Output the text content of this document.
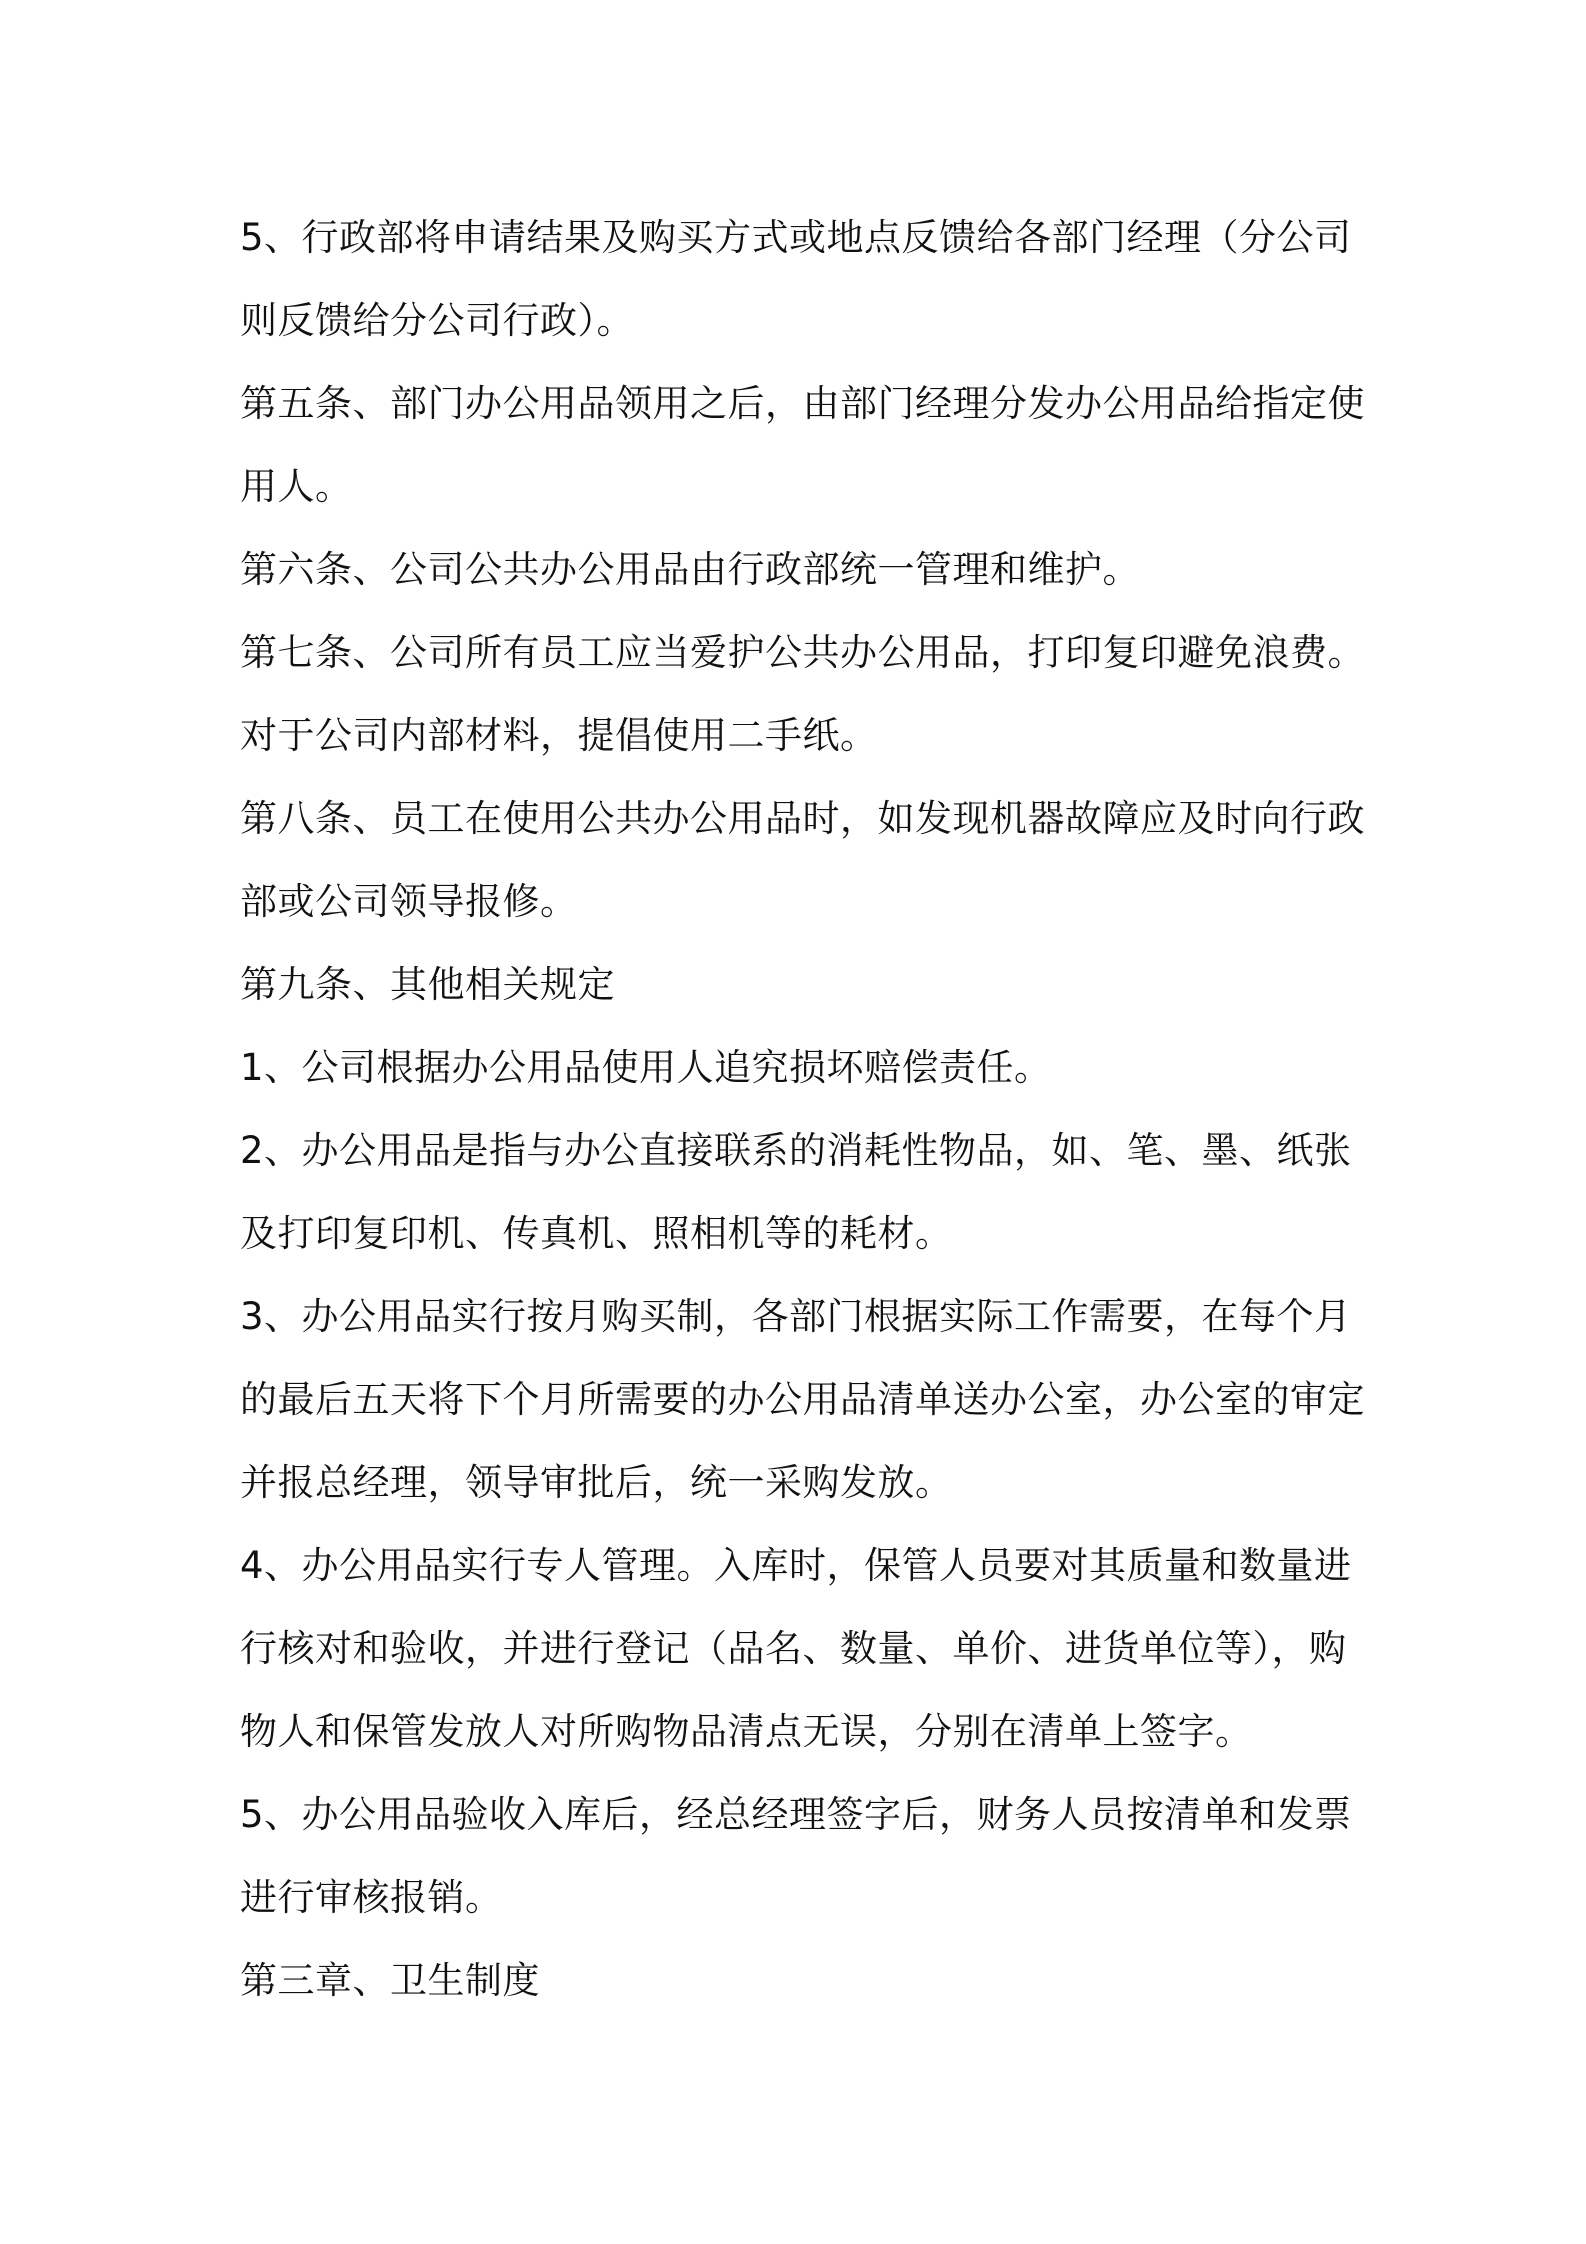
5、行政部将申请结果及购买方式或地点反馈给各部门经理（分公司
则反馈给分公司行政）。
第五条、部门办公用品领用之后，由部门经理分发办公用品给指定使
用人。
第六条、公司公共办公用品由行政部统一管理和维护。
第七条、公司所有员工应当爱护公共办公用品，打印复印避免浪费。
对于公司内部材料，提倡使用二手纸。
第八条、员工在使用公共办公用品时，如发现机器故障应及时向行政
部或公司领导报修。
第九条、其他相关规定
1、公司根据办公用品使用人追究损坏赔偿责任。
2、办公用品是指与办公直接联系的消耗性物品，如、笔、墨、纸张
及打印复印机、传真机、照相机等的耗材。
3、办公用品实行按月购买制，各部门根据实际工作需要，在每个月
的最后五天将下个月所需要的办公用品清单送办公室，办公室的审定
并报总经理，领导审批后，统一采购发放。
4、办公用品实行专人管理。入库时，保管人员要对其质量和数量进
行核对和验收，并进行登记（品名、数量、单价、进货单位等），购
物人和保管发放人对所购物品清点无误，分别在清单上签字。
5、办公用品验收入库后，经总经理签字后，财务人员按清单和发票
进行审核报销。
第三章、卫生制度
